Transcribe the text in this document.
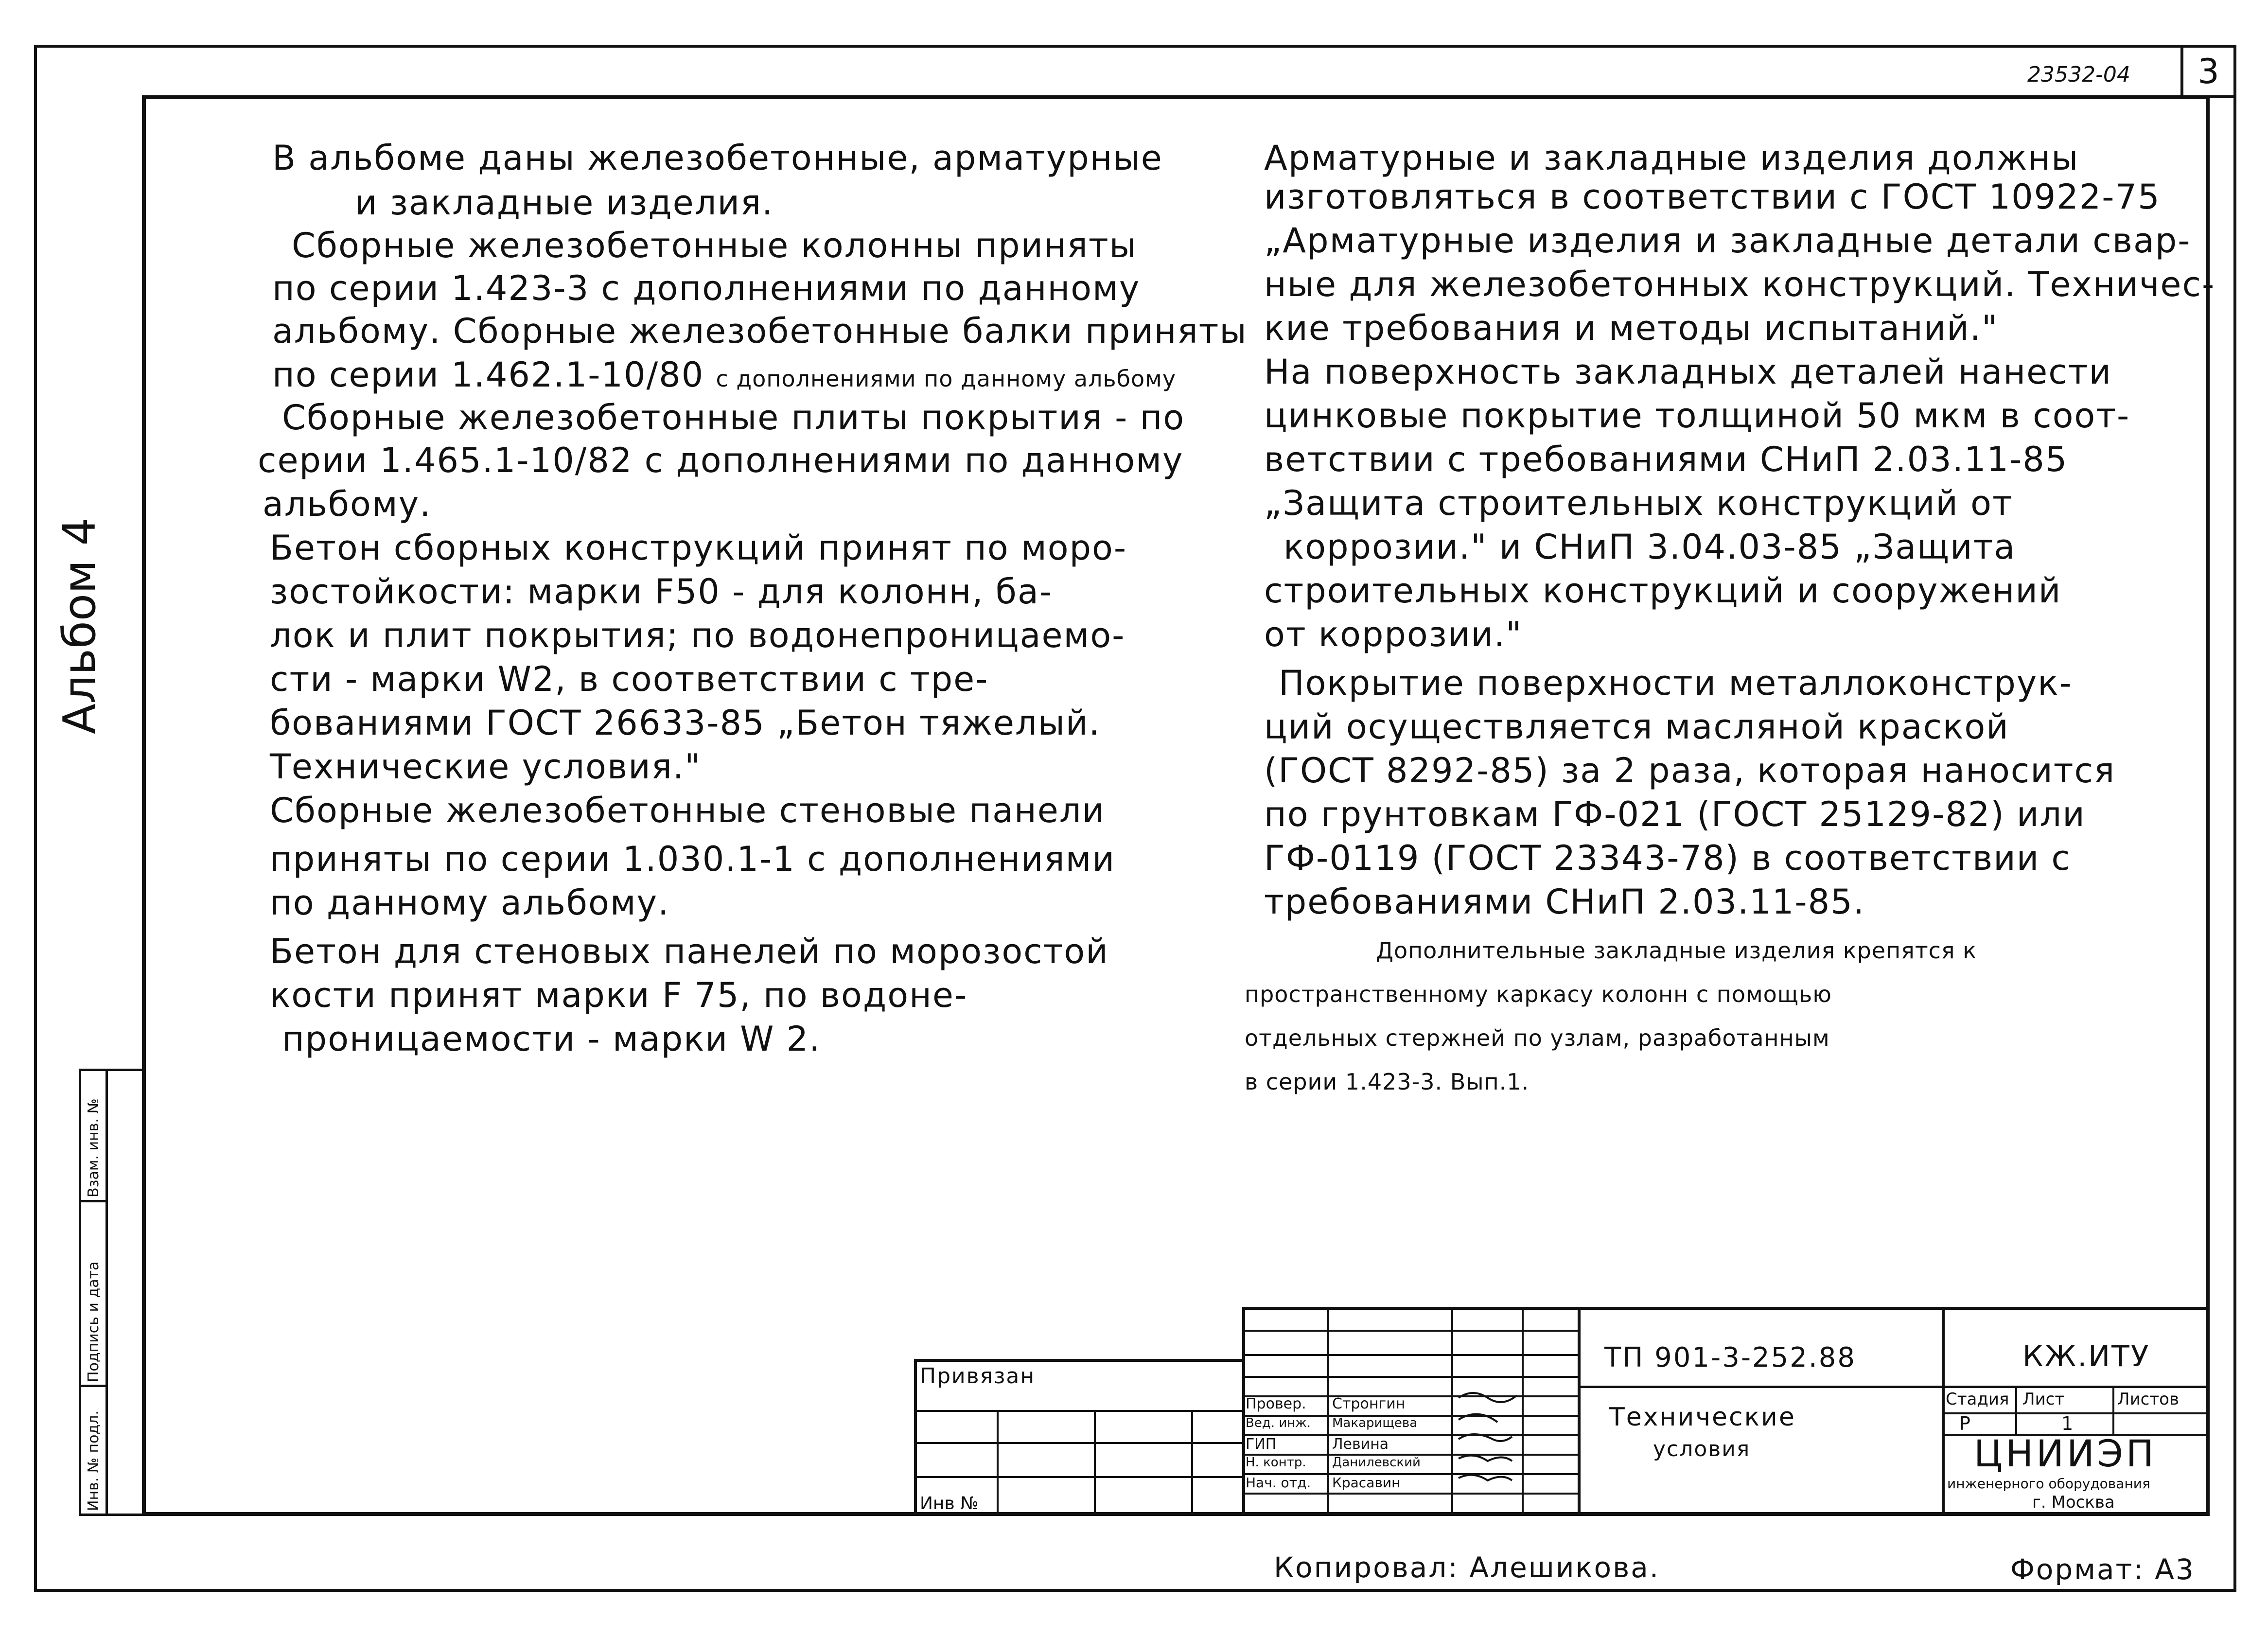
3
23532-04
Альбом 4
Взам. инв. №
Подпись и дата
Инв. № подл.
В альбоме даны железобетонные, арматурные
и закладные изделия.
Сборные железобетонные колонны приняты
по серии 1.423-3 с дополнениями по данному
альбому. Сборные железобетонные балки приняты
по серии 1.462.1-10/80 с дополнениями по данному альбому
Сборные железобетонные плиты покрытия - по
серии 1.465.1-10/82 с дополнениями по данному
альбому.
Бетон сборных конструкций принят по моро-
зостойкости: марки F50 - для колонн, ба-
лок и плит покрытия; по водонепроницаемо-
сти - марки W2, в соответствии с тре-
бованиями ГОСТ 26633-85 „Бетон тяжелый.
Технические условия."
Сборные железобетонные стеновые панели
приняты по серии 1.030.1-1 с дополнениями
по данному альбому.
Бетон для стеновых панелей по морозостой
кости принят марки F 75, по водоне-
проницаемости - марки W 2.
Арматурные и закладные изделия должны
изготовляться в соответствии с ГОСТ 10922-75
„Арматурные изделия и закладные детали свар-
ные для железобетонных конструкций. Техничес-
кие требования и методы испытаний."
На поверхность закладных деталей нанести
цинковые покрытие толщиной 50 мкм в соот-
ветствии с требованиями СНиП 2.03.11-85
„Защита строительных конструкций от
коррозии." и СНиП 3.04.03-85 „Защита
строительных конструкций и сооружений
от коррозии."
Покрытие поверхности металлоконструк-
ций осуществляется масляной краской
(ГОСТ 8292-85) за 2 раза, которая наносится
по грунтовкам ГФ-021 (ГОСТ 25129-82) или
ГФ-0119 (ГОСТ 23343-78) в соответствии с
требованиями СНиП 2.03.11-85.
Дополнительные закладные изделия крепятся к
пространственному каркасу колонн с помощью
отдельных стержней по узлам, разработанным
в серии 1.423-3. Вып.1.
Привязан
Инв №
Провер. Стронгин
Вед. инж. Макарищева
ГИП	Левина
Н. контр. Данилевский
Нач. отд. Красавин
ТП 901-3-252.88	КЖ.ИТУ
Технические
условия
Стадия Лист	Листов
Р	1
ЦНИИЭП
инженерного оборудования
г. Москва
Копировал: Алешикова.	Формат: А3
